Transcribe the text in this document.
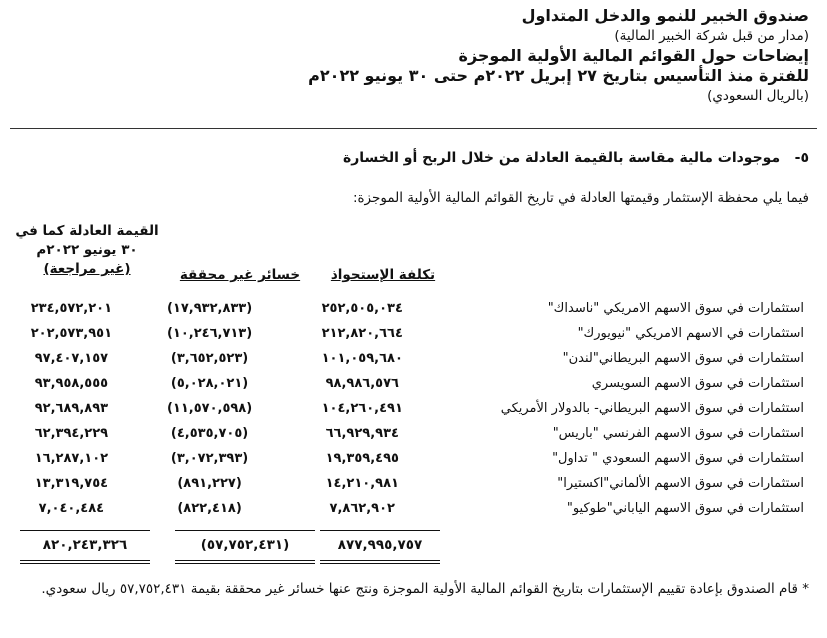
صندوق الخبير للنمو والدخل المتداول
(مدار من قبل شركة الخبير المالية)
إيضاحات حول القوائم المالية الأولية الموجزة
للفترة منذ التأسيس بتاريخ ٢٧ إبريل ٢٠٢٢م حتى ٣٠ يونيو ٢٠٢٢م
(بالريال السعودي)
٥- موجودات مالية مقاسة بالقيمة العادلة من خلال الربح أو الخسارة
فيما يلي محفظة الإستثمار وقيمتها العادلة في تاريخ القوائم المالية الأولية الموجزة:
تكلفة الإستحواذ
خسائر غير محققة
القيمة العادلة كما في
٣٠ يونيو ٢٠٢٢م
(غير مراجعة)
استثمارات في سوق الاسهم الامريكي "ناسداك"	٢٥٢,٥٠٥,٠٣٤	(١٧,٩٣٢,٨٣٣)	٢٣٤,٥٧٢,٢٠١
استثمارات في الاسهم الامريكي "نيويورك"	٢١٢,٨٢٠,٦٦٤	(١٠,٢٤٦,٧١٣)	٢٠٢,٥٧٣,٩٥١
استثمارات في سوق الاسهم البريطاني"لندن"	١٠١,٠٥٩,٦٨٠	(٣,٦٥٢,٥٢٣)	٩٧,٤٠٧,١٥٧
استثمارات في سوق الاسهم السويسري	٩٨,٩٨٦,٥٧٦	(٥,٠٢٨,٠٢١)	٩٣,٩٥٨,٥٥٥
استثمارات في سوق الاسهم البريطاني- بالدولار الأمريكي	١٠٤,٢٦٠,٤٩١	(١١,٥٧٠,٥٩٨)	٩٢,٦٨٩,٨٩٣
استثمارات في سوق الاسهم الفرنسي "باريس"	٦٦,٩٢٩,٩٣٤	(٤,٥٣٥,٧٠٥)	٦٢,٣٩٤,٢٢٩
استثمارات في سوق الاسهم السعودي " تداول"	١٩,٣٥٩,٤٩٥	(٣,٠٧٢,٣٩٣)	١٦,٢٨٧,١٠٢
استثمارات في سوق الاسهم الألماني"اكستيرا"	١٤,٢١٠,٩٨١	(٨٩١,٢٢٧)	١٣,٣١٩,٧٥٤
استثمارات في سوق الاسهم الياباني"طوكيو"	٧,٨٦٢,٩٠٢	(٨٢٢,٤١٨)	٧,٠٤٠,٤٨٤
٨٢٠,٢٤٣,٣٢٦	(٥٧,٧٥٢,٤٣١)	٨٧٧,٩٩٥,٧٥٧
* قام الصندوق بإعادة تقييم الإستثمارات بتاريخ القوائم المالية الأولية الموجزة ونتج عنها خسائر غير محققة بقيمة ٥٧,٧٥٢,٤٣١ ريال سعودي.
